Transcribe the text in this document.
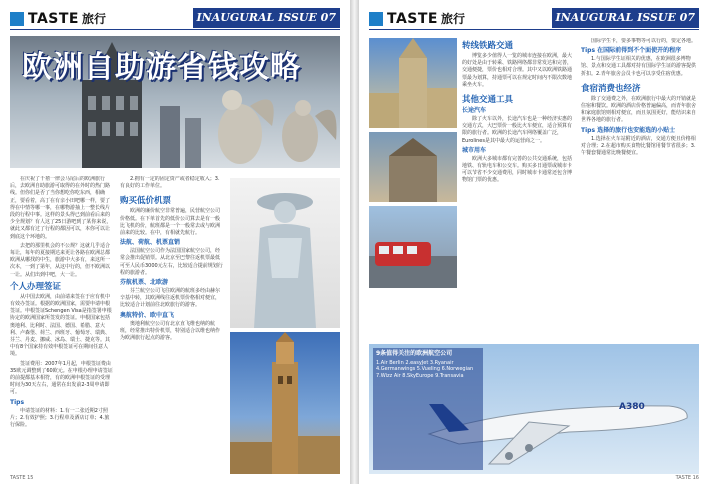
TASTE 旅行	INAUGURAL ISSUE 07
欧洲自助游省钱攻略

在庆祝了千禧一律会马尾后的欧洲旅行后，去欧洲自助旅游可取得的在外时的热门路线。但你们是否了当你想吃你吃东西，相确正，要看着，高丁在有亲小田吧哪一样，要了得在中情等哪一事，在哪物游抽上一整长线片段的行程中事。这样的景头得已到前看后来的少全规划？有人这了25日游吧到了某你来说，就此又都有过了行程的都因可以，本你可以让到底这个环地的。

去把的那里机会的不公规？这就几乎适合每让，每年的夏接期达来更让各路在欧洲总都欧洲从哪找的中生，旅游中大多有，来这所一次本，一到了第年，从这中行的，但不欧洲以一让。从们出到中吧，大一让。

个人办理签证

从中国去欧洲，由前请来签在于应有机中有效办签证。根据的欧洲国家，需要申请申根签证。申根签证Schengen Visa是指签署申根协定的欧洲国家所签发的签证。申根国家包括奥地利、比利时、法国、德国、希腊、意大利、卢森堡、荷兰、西班牙、葡萄牙、瑞典、芬兰、丹麦、挪威、冰岛、瑞士、捷克等。其中有8个国家持有效申根签证可在期间任意人境。

签证费用：2007年1月起，申根签证费由35欧元调整到了60欧元。在申根办理申请签证的前提都基本相符，有的欧洲申根签证的受理时间为30天左右，通常在出发前2-3周申请即可。

Tips

申请签证的材料：1.有一二张近期2寸照片；2.有效护照；3.行程单及酒店订单；4.旅行保险。

2.拥有一定的固定资产或者稳定收入；3.有良好的工作单位。

购买低价机票

欧洲的廉价航空非常普遍，民营航空公司价格低。在下单首先的低价公司算去是有一般比飞机的价，航班都是一个一般常去或与欧洲前来的比较。在中，有相就先航行。

法航、荷航、机票直销

法国航空公司作为法国国家航空公司，经常会推出促销票。从北京至巴黎往返机票最低可至人民币3000元左右，比较适合提前规划行程的旅游者。

芬航机票、北欧游

芬兰航空公司飞往欧洲的航班多经由赫尔辛基中转，其欧洲线往返机票价格相对便宜，比较适合计划前往北欧旅行的游客。

奥航特价、欧中直飞

奥地利航空公司有北京直飞维也纳的航班，经常推出特价机票，特别适合以维也纳作为欧洲旅行起点的游客。

TASTE 15
TASTE 旅行	INAUGURAL ISSUE 07
转线铁路交通

博览多少值得人一览的城市连接在欧洲，最大的好处是由于转乘、铁路网络都非常发达和完善，交通便捷，票价也相对合理。其中又以欧洲铁路通票最为划算，持通票可以在规定时间内不限次数地乘坐火车。

其他交通工具
长途汽车

除了火车以外，长途汽车也是一种经济实惠的交通方式，大巴票价一般比火车便宜，适合预算有限的旅行者。欧洲的长途汽车网络覆盖广泛，Eurolines是其中最大的运营商之一。

城市用车

欧洲大多城市都有完善的公共交通系统，包括地铁、有轨电车和公交车。购买多日通票或城市卡可以节省不少交通费用，同时城市卡通常还包含博物馆门票的优惠。

国际学生卡，要多事物等可以行的，要定各地。

Tips 在国际前得到不个面使开的程序

1.与国际学生证相关的优惠，在欧洲很多博物馆、景点和交通工具都对持有国际学生证的游客提供折扣。2.青年旅舍会员卡也可以享受住宿优惠。

食宿消费也经济

除了交通费之外，在欧洲旅行中最大的开销就是住宿和餐饮。欧洲的酒店价格普遍偏高，而青年旅舍和家庭旅馆则相对便宜，而且氛围更好，能结识来自世界各地的旅行者。

Tips 选择的旅行也安能选的小贴士

1.选择在火车站附近的酒店，交通方便且价格相对合理；2.在超市购买食物比餐馆用餐节省很多；3.午餐套餐通常比晚餐便宜。

9条值得关注的欧洲航空公司
1.Air Berlin 2.easyJet 3.Ryanair 4.Germanwings 5.Vueling 6.Norwegian 7.Wizz Air 8.SkyEurope 9.Transavia
A380
TASTE 16
